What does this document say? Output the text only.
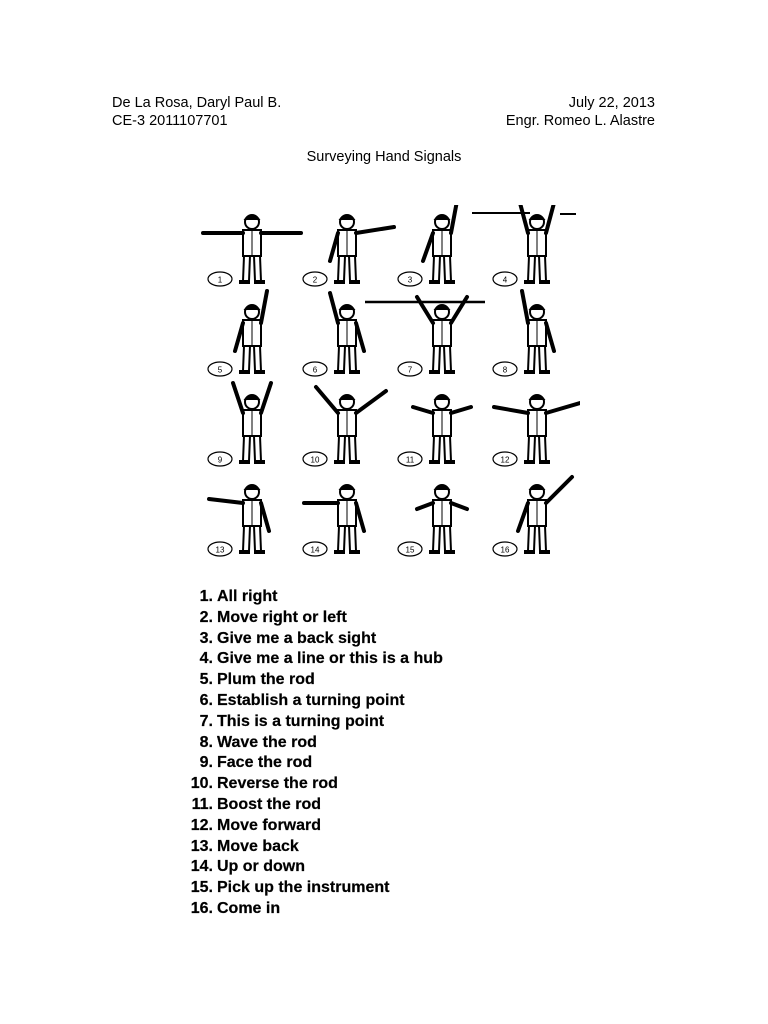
De La Rosa, Daryl Paul B.
CE-3 2011107701
July 22, 2013
Engr. Romeo L. Alastre
Surveying Hand Signals
1	2	3	4
5	6	7	8
9	10	11	12
13	14	15	16
1. All right
2. Move right or left
3. Give me a back sight
4. Give me a line or this is a hub
5. Plum the rod
6. Establish a turning point
7. This is a turning point
8. Wave the rod
9. Face the rod
10. Reverse the rod
11. Boost the rod
12. Move forward
13. Move back
14. Up or down
15. Pick up the instrument
16. Come in
